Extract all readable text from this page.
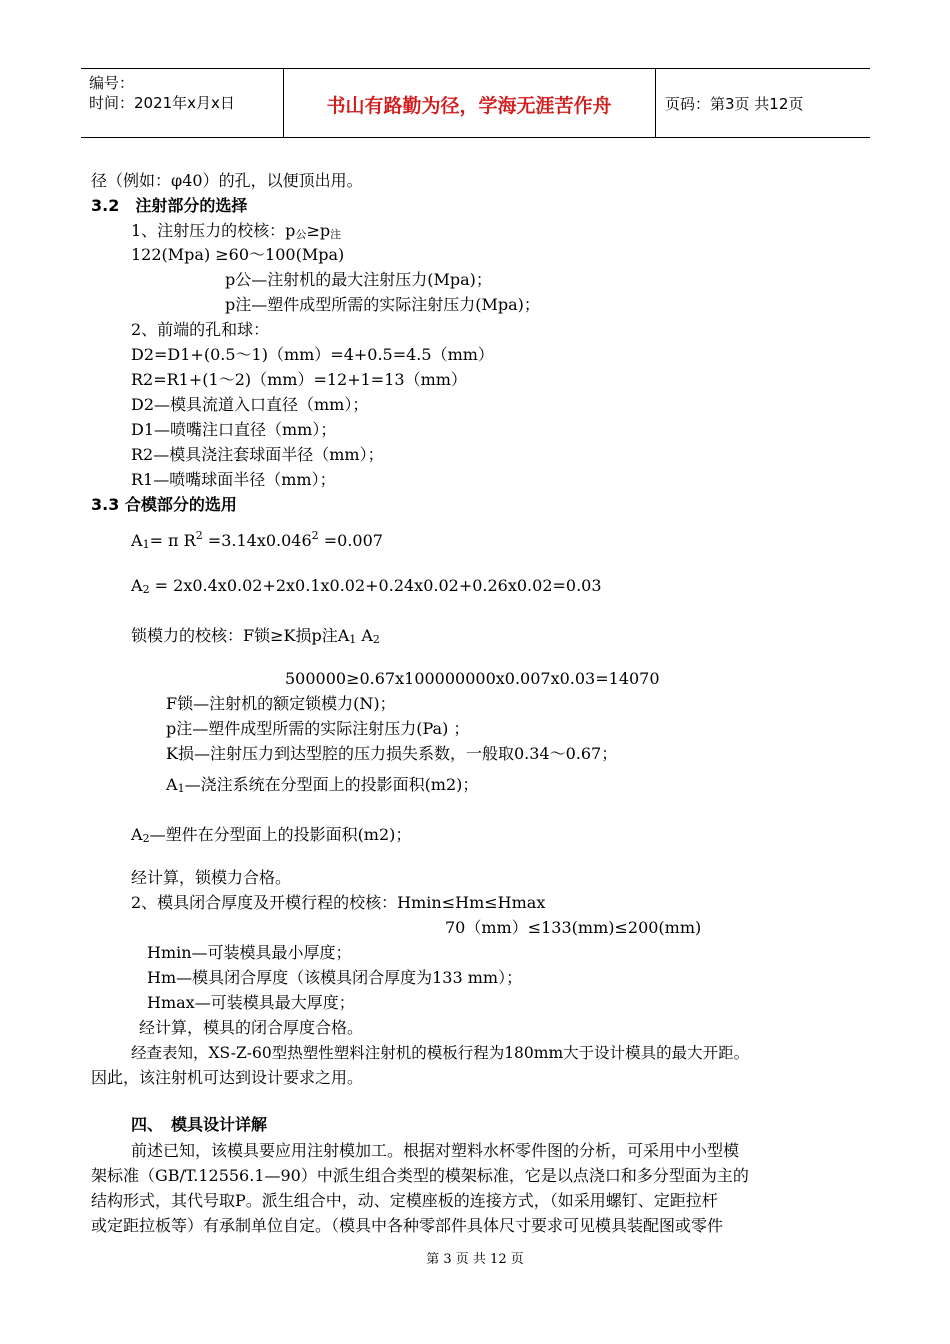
编号：
时间：2021年x月x日	书山有路勤为径，学海无涯苦作舟	页码：第3页 共12页
径（例如：φ40）的孔，以便顶出用。
3.2　注射部分的选择
1、注射压力的校核：p公≥p注
122(Mpa) ≥60～100(Mpa)
p公—注射机的最大注射压力(Mpa)；
p注—塑件成型所需的实际注射压力(Mpa)；
2、前端的孔和球：
D2=D1+(0.5～1)（mm）=4+0.5=4.5（mm）
R2=R1+(1～2)（mm）=12+1=13（mm）
D2—模具流道入口直径（mm）；
D1—喷嘴注口直径（mm）；
R2—模具浇注套球面半径（mm）；
R1—喷嘴球面半径（mm）；
3.3 合模部分的选用
A1= π $R^2 =3.14x0.046^2 =0.007$
A2 = 2x0.4x0.02+2x0.1x0.02+0.24x0.02+0.26x0.02=0.03
锁模力的校核：F锁≥K损p注A1 A2
500000≥0.67x100000000x0.007x0.03=14070
F锁—注射机的额定锁模力(N)；
p注—塑件成型所需的实际注射压力(Pa) ；
K损—注射压力到达型腔的压力损失系数，一般取0.34～0.67；
A1—浇注系统在分型面上的投影面积(m2)；
A2—塑件在分型面上的投影面积(m2)；
经计算，锁模力合格。
2、模具闭合厚度及开模行程的校核：Hmin≤Hm≤Hmax
70（mm）≤133(mm)≤200(mm)
Hmin—可装模具最小厚度；
Hm—模具闭合厚度（该模具闭合厚度为133 mm）；
Hmax—可装模具最大厚度；
经计算，模具的闭合厚度合格。
经查表知，XS-Z-60型热塑性塑料注射机的模板行程为180mm大于设计模具的最大开距。
因此，该注射机可达到设计要求之用。
四、　模具设计详解
前述已知，该模具要应用注射模加工。根据对塑料水杯零件图的分析，可采用中小型模
架标准（GB/T.12556.1—90）中派生组合类型的模架标准，它是以点浇口和多分型面为主的
结构形式，其代号取P。派生组合中，动、定模座板的连接方式，（如采用螺钉、定距拉杆
或定距拉板等）有承制单位自定。（模具中各种零部件具体尺寸要求可见模具装配图或零件
第 3 页 共 12 页
